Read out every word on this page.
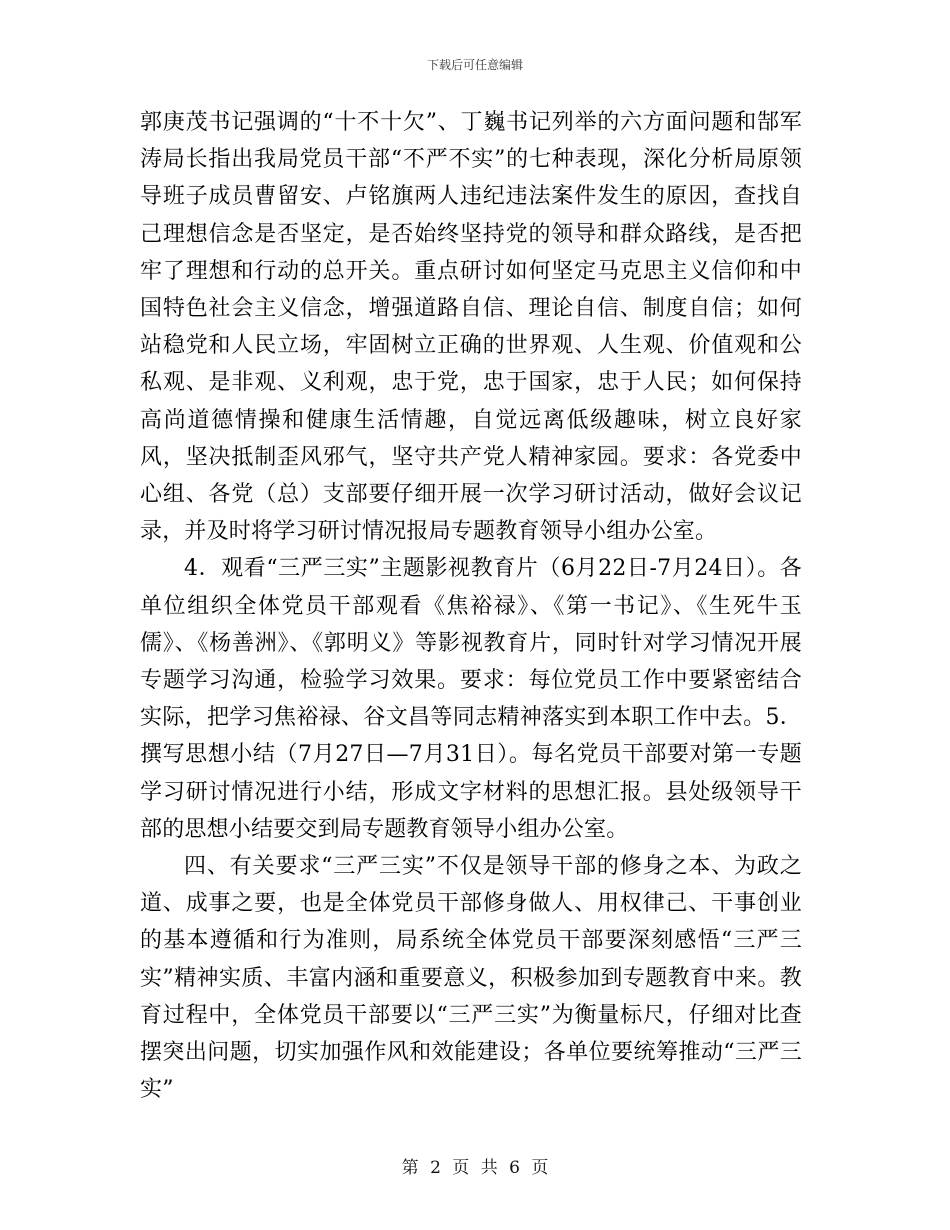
下载后可任意编辑

郭庚茂书记强调的“十不十欠”、丁巍书记列举的六方面问题和郜军涛局长指出我局党员干部“不严不实”的七种表现，深化分析局原领导班子成员曹留安、卢铭旗两人违纪违法案件发生的原因，查找自己理想信念是否坚定，是否始终坚持党的领导和群众路线，是否把牢了理想和行动的总开关。重点研讨如何坚定马克思主义信仰和中国特色社会主义信念，增强道路自信、理论自信、制度自信；如何站稳党和人民立场，牢固树立正确的世界观、人生观、价值观和公私观、是非观、义利观，忠于党，忠于国家，忠于人民；如何保持高尚道德情操和健康生活情趣，自觉远离低级趣味，树立良好家风，坚决抵制歪风邪气，坚守共产党人精神家园。要求：各党委中心组、各党（总）支部要仔细开展一次学习研讨活动，做好会议记录，并及时将学习研讨情况报局专题教育领导小组办公室。

4．观看“三严三实”主题影视教育片（6月22日-7月24日）。各单位组织全体党员干部观看《焦裕禄》、《第一书记》、《生死牛玉儒》、《杨善洲》、《郭明义》等影视教育片，同时针对学习情况开展专题学习沟通，检验学习效果。要求：每位党员工作中要紧密结合实际，把学习焦裕禄、谷文昌等同志精神落实到本职工作中去。5．撰写思想小结（7月27日—7月31日）。每名党员干部要对第一专题学习研讨情况进行小结，形成文字材料的思想汇报。县处级领导干部的思想小结要交到局专题教育领导小组办公室。

四、有关要求“三严三实”不仅是领导干部的修身之本、为政之道、成事之要，也是全体党员干部修身做人、用权律己、干事创业的基本遵循和行为准则，局系统全体党员干部要深刻感悟“三严三实”精神实质、丰富内涵和重要意义，积极参加到专题教育中来。教育过程中，全体党员干部要以“三严三实”为衡量标尺，仔细对比查摆突出问题，切实加强作风和效能建设；各单位要统筹推动“三严三实”

第 2 页 共 6 页
